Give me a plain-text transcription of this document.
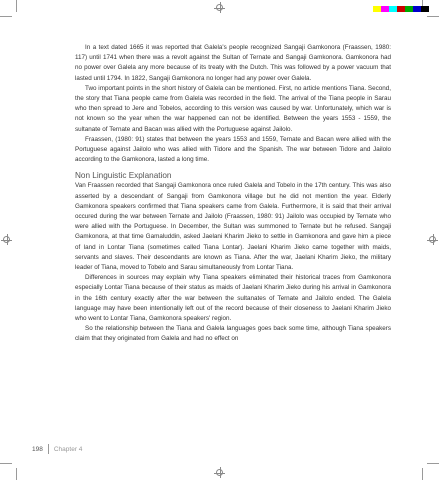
In a text dated 1665 it was reported that Galela's people recognized Sangaji Gamkonora (Fraassen, 1980: 117) until 1741 when there was a revolt against the Sultan of Ternate and Sangaji Gamkonora. Gamkonora had no power over Galela any more because of its treaty with the Dutch. This was followed by a power vacuum that lasted until 1794. In 1822, Sangaji Gamkonora no longer had any power over Galela.

Two important points in the short history of Galela can be mentioned. First, no article mentions Tiana. Second, the story that Tiana people came from Galela was recorded in the field. The arrival of the Tiana people in Sarau who then spread to Jere and Tobelos, according to this version was caused by war. Unfortunately, which war is not known so the year when the war happened can not be identified. Between the years 1553 - 1559, the sultanate of Ternate and Bacan was allied with the Portuguese against Jailolo.

Fraassen, (1980: 91) states that between the years 1553 and 1559, Ternate and Bacan were allied with the Portuguese against Jailolo who was allied with Tidore and the Spanish. The war between Tidore and Jailolo according to the Gamkonora, lasted a long time.

Non Linguistic Explanation

Van Fraassen recorded that Sangaji Gamkonora once ruled Galela and Tobelo in the 17th century. This was also asserted by a descendant of Sangaji from Gamkonora village but he did not mention the year. Elderly Gamkonora speakers confirmed that Tiana speakers came from Galela. Furthermore, it is said that their arrival occured during the war between Ternate and Jailolo (Fraassen, 1980: 91) Jailolo was occupied by Ternate who were allied with the Portuguese. In December, the Sultan was summoned to Ternate but he refused. Sangaji Gamkonora, at that time Gamaluddin, asked Jaelani Kharim Jieko to settle in Gamkonora and gave him a piece of land in Lontar Tiana (sometimes called Tiana Lontar). Jaelani Kharim Jieko came together with maids, servants and slaves. Their descendants are known as Tiana. After the war, Jaelani Kharim Jieko, the military leader of Tiana, moved to Tobelo and Sarau simultaneously from Lontar Tiana.

Differences in sources may explain why Tiana speakers eliminated their historical traces from Gamkonora especially Lontar Tiana because of their status as maids of Jaelani Kharim Jieko during his arrival in Gamkonora in the 16th century exactly after the war between the sultanates of Ternate and Jailolo ended. The Galela language may have been intentionally left out of the record because of their closeness to Jaelani Kharim Jieko who went to Lontar Tiana, Gamkonora speakers' region.

So the relationship between the Tiana and Galela languages goes back some time, although Tiana speakers claim that they originated from Galela and had no effect on

198 Chapter 4
